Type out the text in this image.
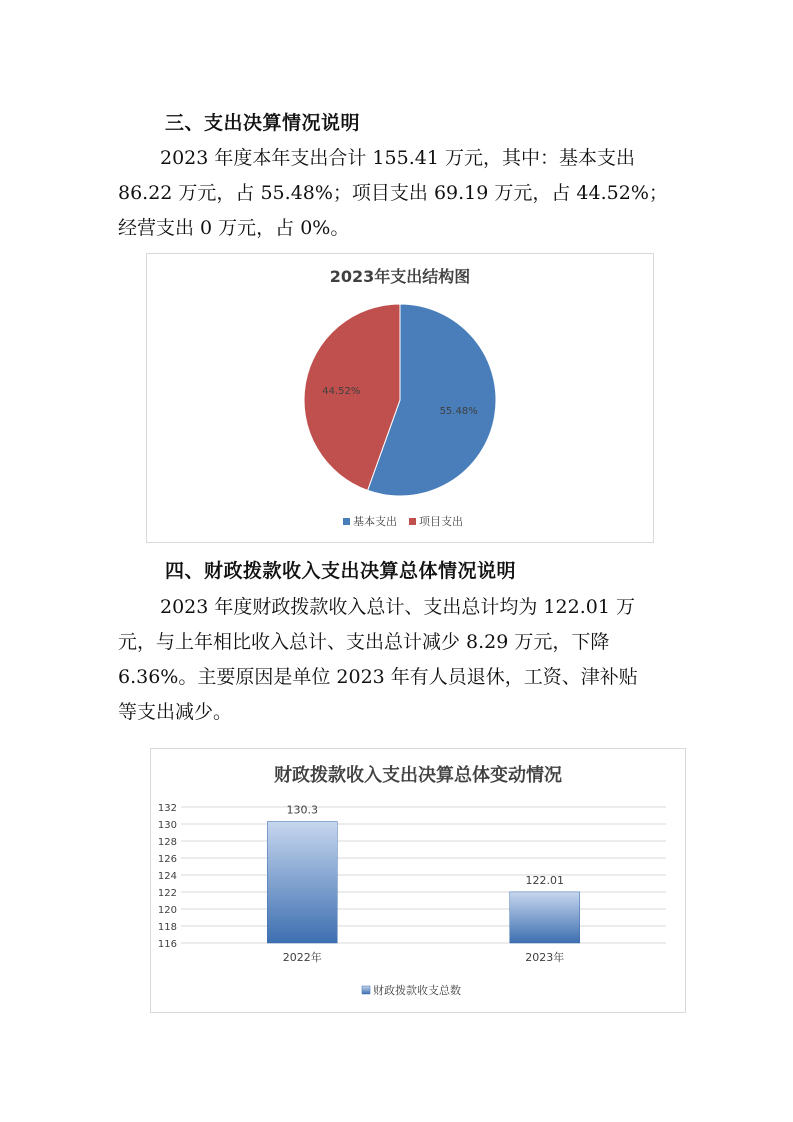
三、支出决算情况说明
2023 年度本年支出合计 155.41 万元，其中：基本支出
86.22 万元，占 55.48%；项目支出 69.19 万元，占 44.52%；
经营支出 0 万元，占 0%。
2023年支出结构图
55.48%
44.52%
基本支出 项目支出
四、财政拨款收入支出决算总体情况说明
2023 年度财政拨款收入总计、支出总计均为 122.01 万
元，与上年相比收入总计、支出总计减少 8.29 万元，下降
6.36%。主要原因是单位 2023 年有人员退休，工资、津补贴
等支出减少。
财政拨款收入支出决算总体变动情况
132
130
128
126
124
122
120
118
116
130.3
2022年
122.01
2023年
财政拨款收支总数
